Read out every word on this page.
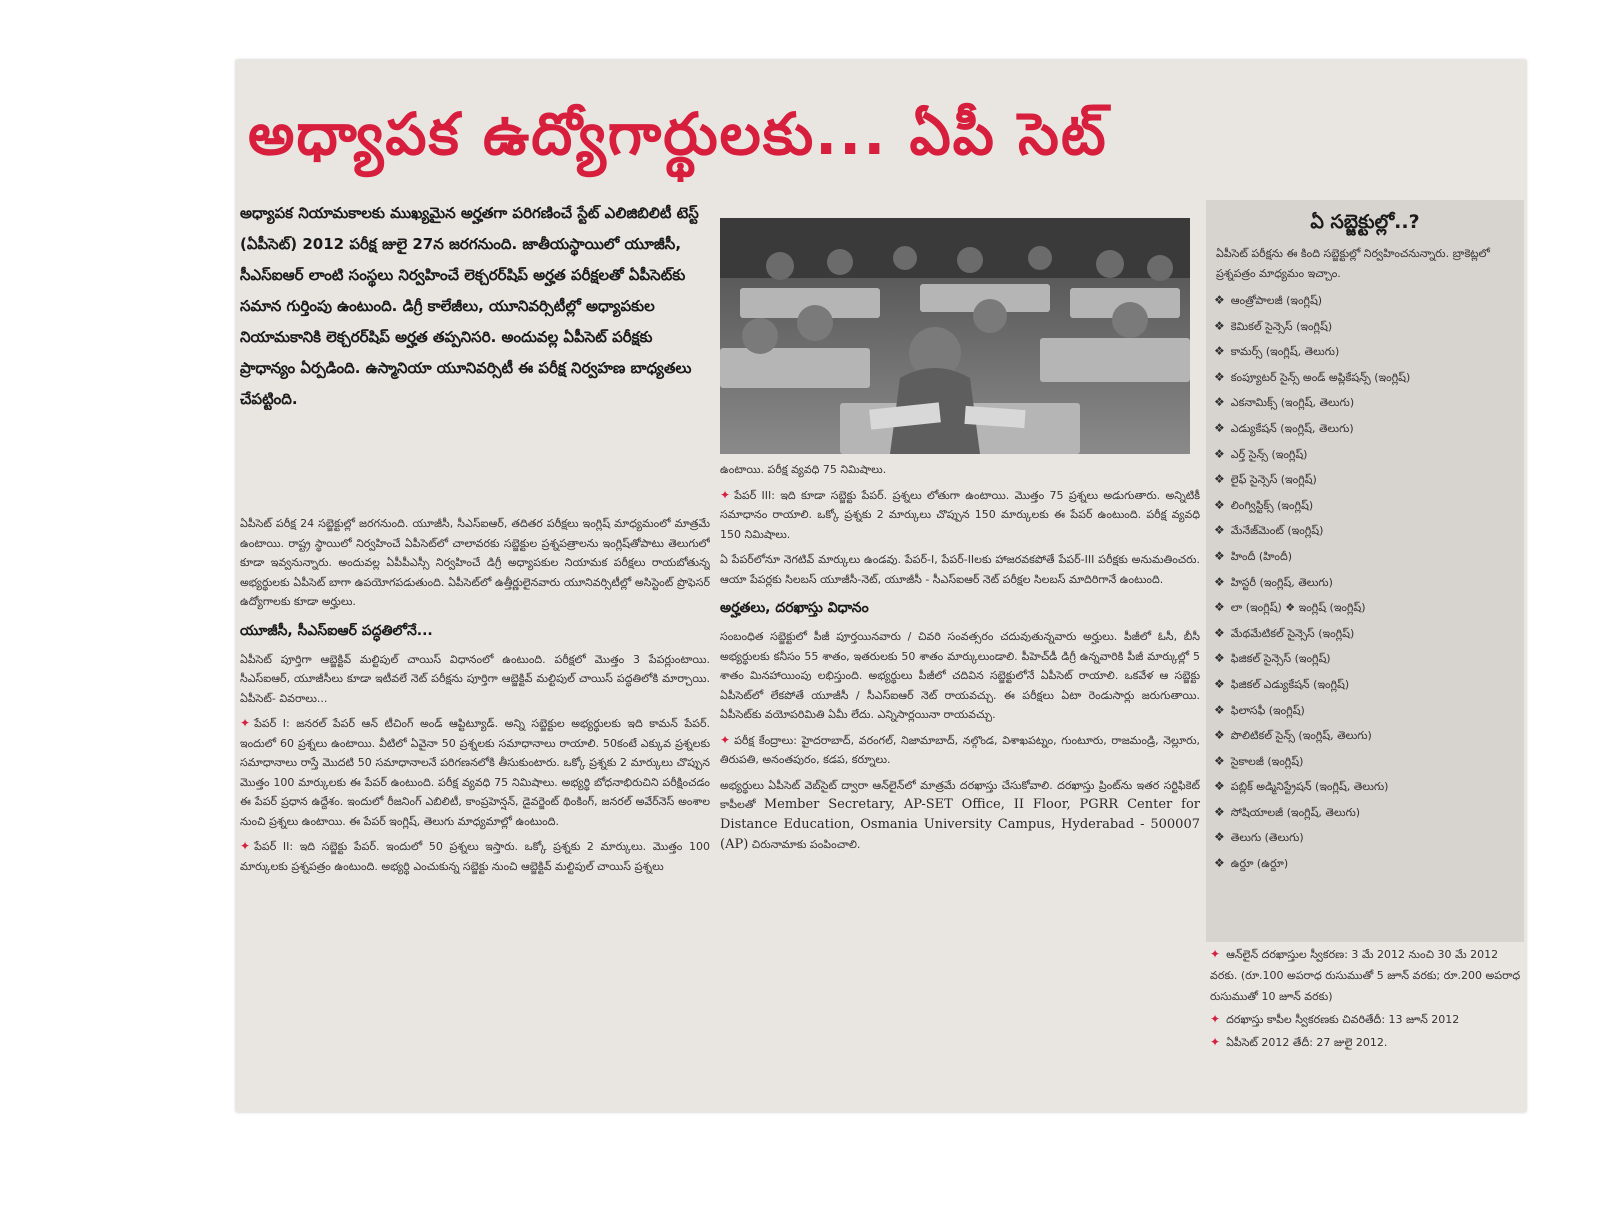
అధ్యాపక ఉద్యోగార్థులకు... ఏపీ సెట్
అధ్యాపక నియామకాలకు ముఖ్యమైన అర్హతగా పరిగణించే స్టేట్ ఎలిజిబిలిటీ టెస్ట్ (ఏపీసెట్) 2012 పరీక్ష జులై 27న జరగనుంది. జాతీయస్థాయిలో యూజీసీ, సీఎస్ఐఆర్ లాంటి సంస్థలు నిర్వహించే లెక్చరర్‌షిప్ అర్హత పరీక్షలతో ఏపీసెట్‌కు సమాన గుర్తింపు ఉంటుంది. డిగ్రీ కాలేజీలు, యూనివర్సిటీల్లో అధ్యాపకుల నియామకానికి లెక్చరర్‌షిప్ అర్హత తప్పనిసరి. అందువల్ల ఏపీసెట్ పరీక్షకు ప్రాధాన్యం ఏర్పడింది. ఉస్మానియా యూనివర్సిటీ ఈ పరీక్ష నిర్వహణ బాధ్యతలు చేపట్టింది.

ఏపీసెట్ పరీక్ష 24 సబ్జెక్టుల్లో జరగనుంది. యూజీసీ, సీఎస్ఐఆర్, తదితర పరీక్షలు ఇంగ్లిష్ మాధ్యమంలో మాత్రమే ఉంటాయి. రాష్ట్ర స్థాయిలో నిర్వహించే ఏపీసెట్‌లో చాలావరకు సబ్జెక్టుల ప్రశ్నపత్రాలను ఇంగ్లిష్‌తోపాటు తెలుగులో కూడా ఇవ్వనున్నారు. అందువల్ల ఏపీపీఎస్సీ నిర్వహించే డిగ్రీ అధ్యాపకుల నియామక పరీక్షలు రాయబోతున్న అభ్యర్థులకు ఏపీసెట్ బాగా ఉపయోగపడుతుంది. ఏపీసెట్‌లో ఉత్తీర్ణులైనవారు యూనివర్సిటీల్లో అసిస్టెంట్ ప్రొఫెసర్ ఉద్యోగాలకు కూడా అర్హులు.

యూజీసీ, సీఎస్ఐఆర్ పద్ధతిలోనే...

ఏపీసెట్ పూర్తిగా ఆబ్జెక్టివ్ మల్టిపుల్ చాయిస్ విధానంలో ఉంటుంది. పరీక్షలో మొత్తం 3 పేపర్లుంటాయి. సీఎస్ఐఆర్, యూజీసీలు కూడా ఇటీవలే నెట్ పరీక్షను పూర్తిగా ఆబ్జెక్టివ్ మల్టిపుల్ చాయిస్ పద్ధతిలోకి మార్చాయి. ఏపీసెట్- వివరాలు...

✦ పేపర్ I: జనరల్ పేపర్ ఆన్ టీచింగ్ అండ్ ఆప్టిట్యూడ్. అన్ని సబ్జెక్టుల అభ్యర్థులకు ఇది కామన్ పేపర్. ఇందులో 60 ప్రశ్నలు ఉంటాయి. వీటిలో ఏవైనా 50 ప్రశ్నలకు సమాధానాలు రాయాలి. 50కంటే ఎక్కువ ప్రశ్నలకు సమాధానాలు రాస్తే మొదటి 50 సమాధానాలనే పరిగణనలోకి తీసుకుంటారు. ఒక్కో ప్రశ్నకు 2 మార్కులు చొప్పున మొత్తం 100 మార్కులకు ఈ పేపర్ ఉంటుంది. పరీక్ష వ్యవధి 75 నిమిషాలు. అభ్యర్థి బోధనాభిరుచిని పరీక్షించడం ఈ పేపర్ ప్రధాన ఉద్దేశం. ఇందులో రీజనింగ్ ఎబిలిటీ, కాంప్రహెన్షన్, డైవర్జెంట్ థింకింగ్, జనరల్ అవేర్‌నెస్ అంశాల నుంచి ప్రశ్నలు ఉంటాయి. ఈ పేపర్ ఇంగ్లిష్, తెలుగు మాధ్యమాల్లో ఉంటుంది.

✦ పేపర్ II: ఇది సబ్జెక్టు పేపర్. ఇందులో 50 ప్రశ్నలు ఇస్తారు. ఒక్కో ప్రశ్నకు 2 మార్కులు. మొత్తం 100 మార్కులకు ప్రశ్నపత్రం ఉంటుంది. అభ్యర్థి ఎంచుకున్న సబ్జెక్టు నుంచి ఆబ్జెక్టివ్ మల్టిపుల్ చాయిస్ ప్రశ్నలు

ఉంటాయి. పరీక్ష వ్యవధి 75 నిమిషాలు.

✦ పేపర్ III: ఇది కూడా సబ్జెక్టు పేపర్. ప్రశ్నలు లోతుగా ఉంటాయి. మొత్తం 75 ప్రశ్నలు అడుగుతారు. అన్నిటికీ సమాధానం రాయాలి. ఒక్కో ప్రశ్నకు 2 మార్కులు చొప్పున 150 మార్కులకు ఈ పేపర్ ఉంటుంది. పరీక్ష వ్యవధి 150 నిమిషాలు.

ఏ పేపర్‌లోనూ నెగటివ్ మార్కులు ఉండవు. పేపర్-I, పేపర్-IIలకు హాజరవకపోతే పేపర్-III పరీక్షకు అనుమతించరు. ఆయా పేపర్లకు సిలబస్ యూజీసీ-నెట్, యూజీసీ - సీఎస్ఐఆర్ నెట్ పరీక్షల సిలబస్ మాదిరిగానే ఉంటుంది.

అర్హతలు, దరఖాస్తు విధానం

సంబంధిత సబ్జెక్టులో పీజీ పూర్తయినవారు / చివరి సంవత్సరం చదువుతున్నవారు అర్హులు. పీజీలో ఓసీ, బీసీ అభ్యర్థులకు కనీసం 55 శాతం, ఇతరులకు 50 శాతం మార్కులుండాలి. పీహెచ్‌డీ డిగ్రీ ఉన్నవారికి పీజీ మార్కుల్లో 5 శాతం మినహాయింపు లభిస్తుంది. అభ్యర్థులు పీజీలో చదివిన సబ్జెక్టులోనే ఏపీసెట్ రాయాలి. ఒకవేళ ఆ సబ్జెక్టు ఏపీసెట్‌లో లేకపోతే యూజీసీ / సీఎస్ఐఆర్ నెట్ రాయవచ్చు. ఈ పరీక్షలు ఏటా రెండుసార్లు జరుగుతాయి. ఏపీసెట్‌కు వయోపరిమితి ఏమీ లేదు. ఎన్నిసార్లయినా రాయవచ్చు.

✦ పరీక్ష కేంద్రాలు: హైదరాబాద్, వరంగల్, నిజామాబాద్, నల్గొండ, విశాఖపట్నం, గుంటూరు, రాజమండ్రి, నెల్లూరు, తిరుపతి, అనంతపురం, కడప, కర్నూలు.

అభ్యర్థులు ఏపీసెట్ వెబ్‌సైట్ ద్వారా ఆన్‌లైన్‌లో మాత్రమే దరఖాస్తు చేసుకోవాలి. దరఖాస్తు ప్రింట్‌ను ఇతర సర్టిఫికెట్ కాపీలతో Member Secretary, AP-SET Office, II Floor, PGRR Center for Distance Education, Osmania University Campus, Hyderabad - 500007 (AP) చిరునామాకు పంపించాలి.

ఏ సబ్జెక్టుల్లో..?

ఏపీసెట్ పరీక్షను ఈ కింది సబ్జెక్టుల్లో నిర్వహించనున్నారు. బ్రాకెట్లలో ప్రశ్నపత్రం మాధ్యమం ఇచ్చాం.

❖ ఆంత్రోపాలజీ (ఇంగ్లిష్)
❖ కెమికల్ సైన్సెస్ (ఇంగ్లిష్)
❖ కామర్స్ (ఇంగ్లిష్, తెలుగు)
❖ కంప్యూటర్ సైన్స్ అండ్ అప్లికేషన్స్ (ఇంగ్లిష్)
❖ ఎకనామిక్స్ (ఇంగ్లిష్, తెలుగు)
❖ ఎడ్యుకేషన్ (ఇంగ్లిష్, తెలుగు)
❖ ఎర్త్ సైన్స్ (ఇంగ్లిష్)
❖ లైఫ్ సైన్సెస్ (ఇంగ్లిష్)
❖ లింగ్విస్టిక్స్ (ఇంగ్లిష్)
❖ మేనేజ్‌మెంట్ (ఇంగ్లిష్)
❖ హిందీ (హిందీ)
❖ హిస్టరీ (ఇంగ్లిష్, తెలుగు)
❖ లా (ఇంగ్లిష్) ❖ ఇంగ్లిష్ (ఇంగ్లిష్)
❖ మేథమేటికల్ సైన్సెస్ (ఇంగ్లిష్)
❖ ఫిజికల్ సైన్సెస్ (ఇంగ్లిష్)
❖ ఫిజికల్ ఎడ్యుకేషన్ (ఇంగ్లిష్)
❖ ఫిలాసఫీ (ఇంగ్లిష్)
❖ పొలిటికల్ సైన్స్ (ఇంగ్లిష్, తెలుగు)
❖ సైకాలజీ (ఇంగ్లిష్)
❖ పబ్లిక్ అడ్మినిస్ట్రేషన్ (ఇంగ్లిష్, తెలుగు)
❖ సోషియాలజీ (ఇంగ్లిష్, తెలుగు)
❖ తెలుగు (తెలుగు)
❖ ఉర్దూ (ఉర్దూ)
✦ ఆన్‌లైన్ దరఖాస్తుల స్వీకరణ: 3 మే 2012 నుంచి 30 మే 2012 వరకు. (రూ.100 అపరాధ రుసుముతో 5 జూన్ వరకు; రూ.200 అపరాధ రుసుముతో 10 జూన్ వరకు)
✦ దరఖాస్తు కాపీల స్వీకరణకు చివరితేదీ: 13 జూన్ 2012
✦ ఏపీసెట్ 2012 తేదీ: 27 జులై 2012.
